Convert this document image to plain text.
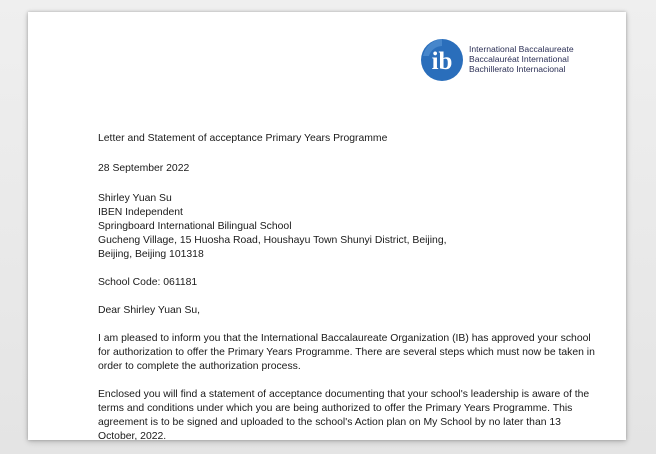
ib International Baccalaureate
Baccalauréat International
Bachillerato Internacional
Letter and Statement of acceptance Primary Years Programme
28 September 2022
Shirley Yuan Su
IBEN Independent
Springboard International Bilingual School
Gucheng Village, 15 Huosha Road, Houshayu Town Shunyi District, Beijing,
Beijing, Beijing 101318
School Code: 061181
Dear Shirley Yuan Su,
I am pleased to inform you that the International Baccalaureate Organization (IB) has approved your school for authorization to offer the Primary Years Programme. There are several steps which must now be taken in order to complete the authorization process.
Enclosed you will find a statement of acceptance documenting that your school's leadership is aware of the terms and conditions under which you are being authorized to offer the Primary Years Programme. This agreement is to be signed and uploaded to the school's Action plan on My School by no later than 13 October, 2022.
